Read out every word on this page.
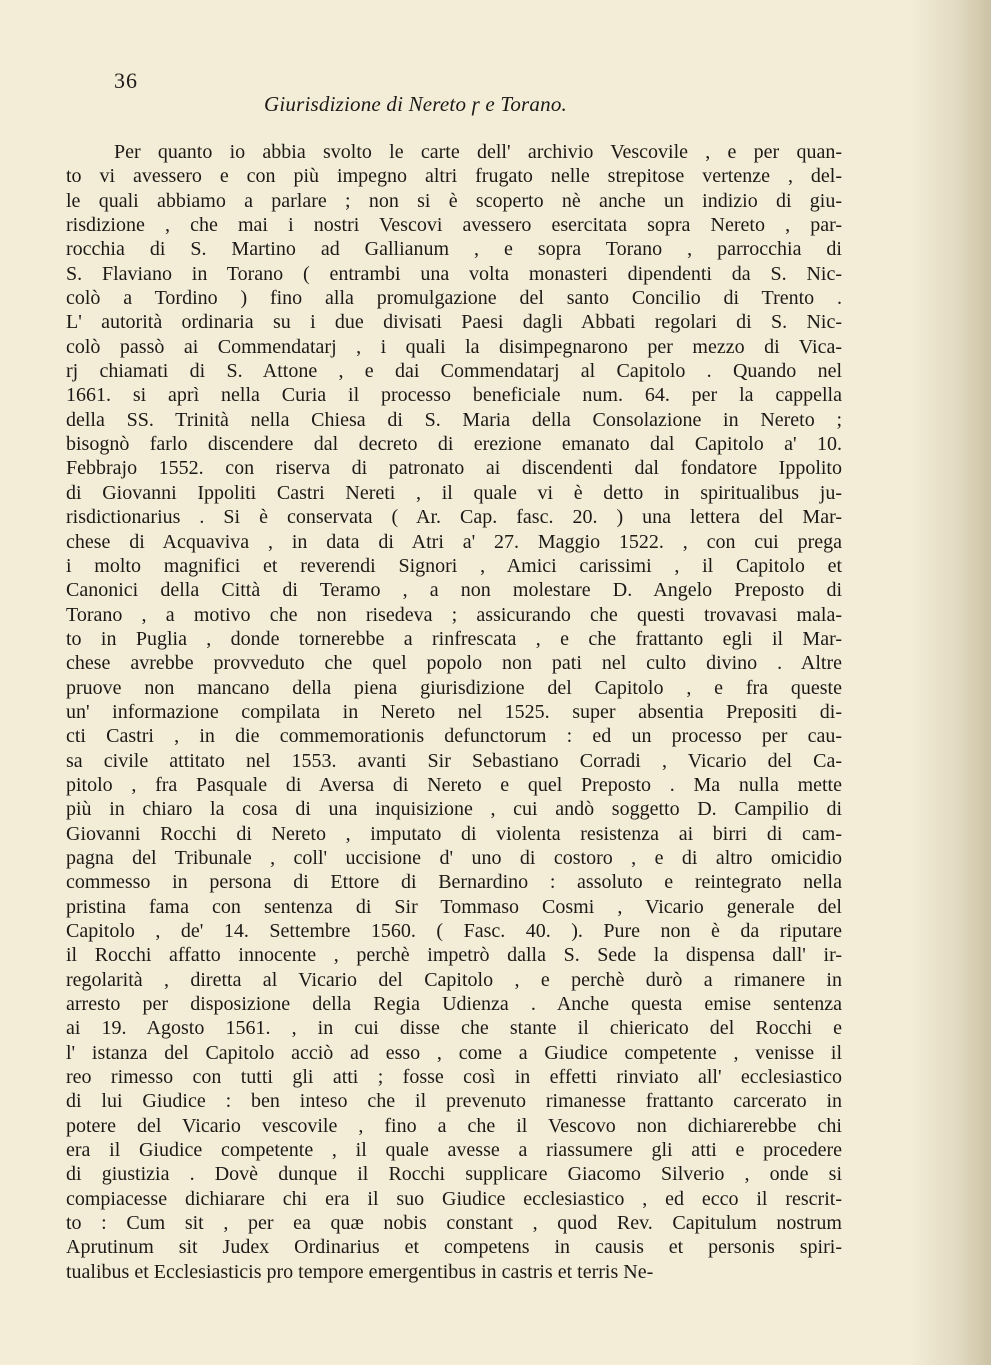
36
Giurisdizione di Nereto ɼ e Torano.
Per quanto io abbia svolto le carte dell' archivio Vescovile , e per quan-
to vi avessero e con più impegno altri frugato nelle strepitose vertenze , del-
le quali abbiamo a parlare ; non si è scoperto nè anche un indizio di giu-
risdizione , che mai i nostri Vescovi avessero esercitata sopra Nereto , par-
rocchia di S. Martino ad Gallianum , e sopra Torano , parrocchia di
S. Flaviano in Torano ( entrambi una volta monasteri dipendenti da S. Nic-
colò a Tordino ) fino alla promulgazione del santo Concilio di Trento .
L' autorità ordinaria su i due divisati Paesi dagli Abbati regolari di S. Nic-
colò passò ai Commendatarj , i quali la disimpegnarono per mezzo di Vica-
rj chiamati di S. Attone , e dai Commendatarj al Capitolo . Quando nel
1661. si aprì nella Curia il processo beneficiale num. 64. per la cappella
della SS. Trinità nella Chiesa di S. Maria della Consolazione in Nereto ;
bisognò farlo discendere dal decreto di erezione emanato dal Capitolo a' 10.
Febbrajo 1552. con riserva di patronato ai discendenti dal fondatore Ippolito
di Giovanni Ippoliti Castri Nereti , il quale vi è detto in spiritualibus ju-
risdictionarius . Si è conservata ( Ar. Cap. fasc. 20. ) una lettera del Mar-
chese di Acquaviva , in data di Atri a' 27. Maggio 1522. , con cui prega
i molto magnifici et reverendi Signori , Amici carissimi , il Capitolo et
Canonici della Città di Teramo , a non molestare D. Angelo Preposto di
Torano , a motivo che non risedeva ; assicurando che questi trovavasi mala-
to in Puglia , donde tornerebbe a rinfrescata , e che frattanto egli il Mar-
chese avrebbe provveduto che quel popolo non pati nel culto divino . Altre
pruove non mancano della piena giurisdizione del Capitolo , e fra queste
un' informazione compilata in Nereto nel 1525. super absentia Prepositi di-
cti Castri , in die commemorationis defunctorum : ed un processo per cau-
sa civile attitato nel 1553. avanti Sir Sebastiano Corradi , Vicario del Ca-
pitolo , fra Pasquale di Aversa di Nereto e quel Preposto . Ma nulla mette
più in chiaro la cosa di una inquisizione , cui andò soggetto D. Campilio di
Giovanni Rocchi di Nereto , imputato di violenta resistenza ai birri di cam-
pagna del Tribunale , coll' uccisione d' uno di costoro , e di altro omicidio
commesso in persona di Ettore di Bernardino : assoluto e reintegrato nella
pristina fama con sentenza di Sir Tommaso Cosmi , Vicario generale del
Capitolo , de' 14. Settembre 1560. ( Fasc. 40. ). Pure non è da riputare
il Rocchi affatto innocente , perchè impetrò dalla S. Sede la dispensa dall' ir-
regolarità , diretta al Vicario del Capitolo , e perchè durò a rimanere in
arresto per disposizione della Regia Udienza . Anche questa emise sentenza
ai 19. Agosto 1561. , in cui disse che stante il chiericato del Rocchi e
l' istanza del Capitolo acciò ad esso , come a Giudice competente , venisse il
reo rimesso con tutti gli atti ; fosse così in effetti rinviato all' ecclesiastico
di lui Giudice : ben inteso che il prevenuto rimanesse frattanto carcerato in
potere del Vicario vescovile , fino a che il Vescovo non dichiarerebbe chi
era il Giudice competente , il quale avesse a riassumere gli atti e procedere
di giustizia . Dovè dunque il Rocchi supplicare Giacomo Silverio , onde si
compiacesse dichiarare chi era il suo Giudice ecclesiastico , ed ecco il rescrit-
to : Cum sit , per ea quæ nobis constant , quod Rev. Capitulum nostrum
Aprutinum sit Judex Ordinarius et competens in causis et personis spiri-
tualibus et Ecclesiasticis pro tempore emergentibus in castris et terris Ne-
